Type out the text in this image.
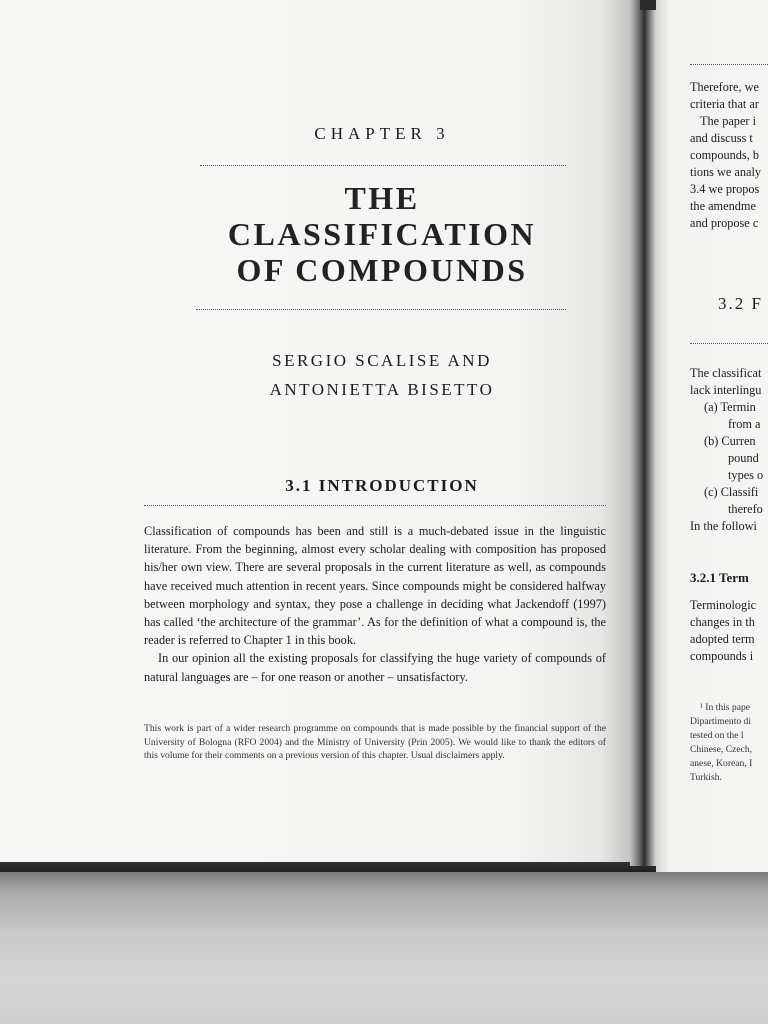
CHAPTER 3
THE
CLASSIFICATION
OF COMPOUNDS
SERGIO SCALISE AND
ANTONIETTA BISETTO
3.1 INTRODUCTION

Classification of compounds has been and still is a much-debated issue in the linguistic literature. From the beginning, almost every scholar dealing with composition has proposed his/her own view. There are several proposals in the current literature as well, as compounds have received much attention in recent years. Since compounds might be considered halfway between morphology and syntax, they pose a challenge in deciding what Jackendoff (1997) has called ‘the architecture of the grammar’. As for the definition of what a compound is, the reader is referred to Chapter 1 in this book.

In our opinion all the existing proposals for classifying the huge variety of compounds of natural languages are – for one reason or another – unsatisfactory.

This work is part of a wider research programme on compounds that is made possible by the financial support of the University of Bologna (RFO 2004) and the Ministry of University (Prin 2005). We would like to thank the editors of this volume for their comments on a previous version of this chapter. Usual disclaimers apply.
Therefore, we
criteria that ar
The paper i
and discuss t
compounds, b
tions we analy
3.4 we propos
the amendme
and propose c
3.2 F
The classificat
lack interlingu
(a) Termin
from a
(b) Curren
pound
types o
(c) Classifi
therefo
In the followi
3.2.1 Term
Terminologic
changes in th
adopted term
compounds i
¹ In this pape
Dipartimento di
tested on the l
Chinese, Czech,
anese, Korean, I
Turkish.
